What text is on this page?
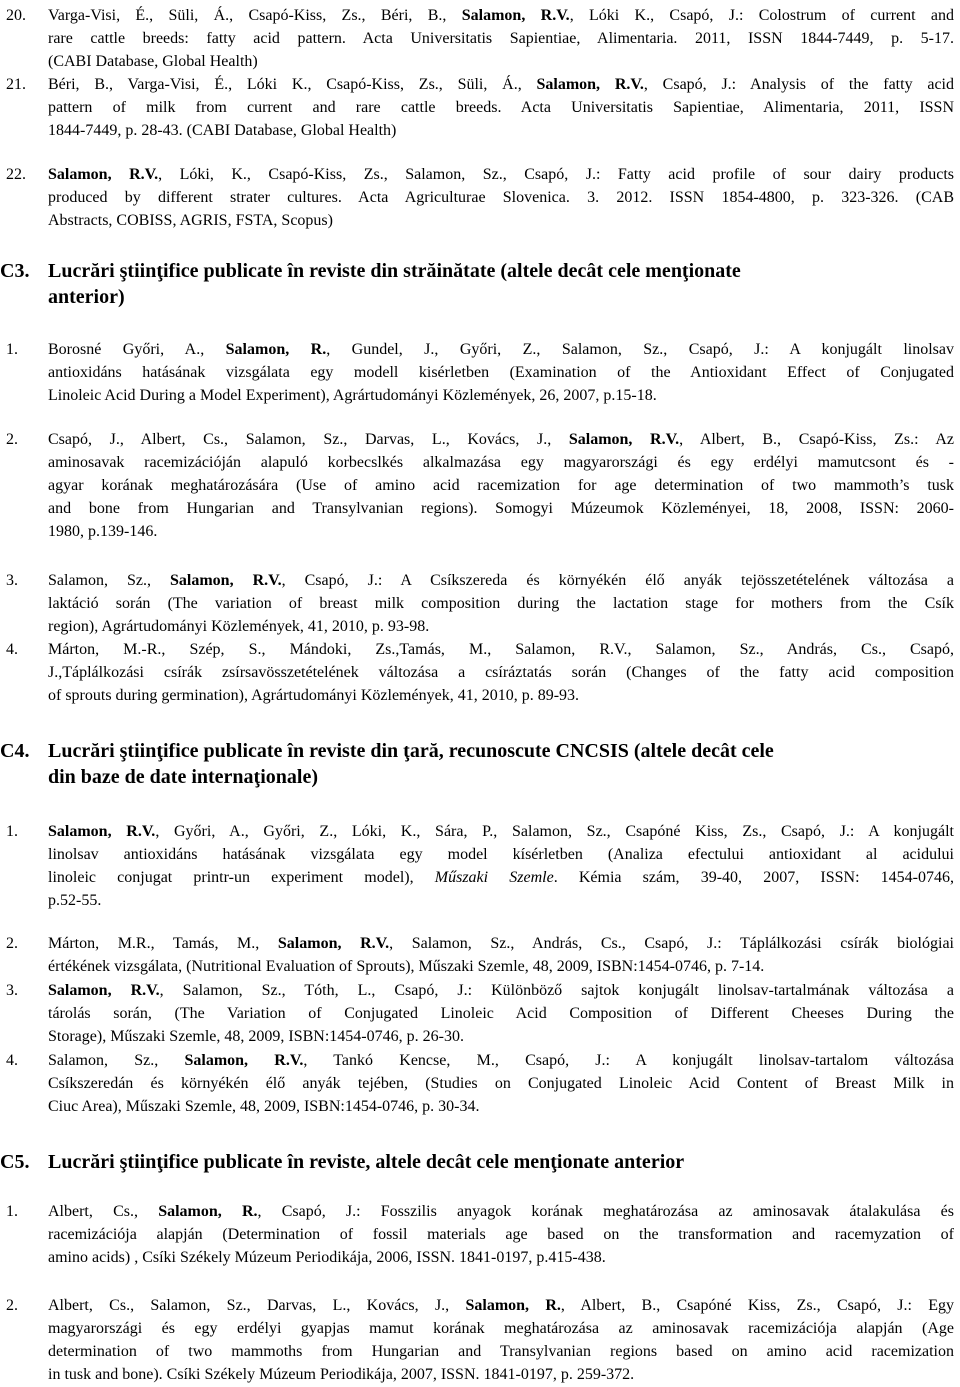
20. Varga-Visi, É., Süli, Á., Csapó-Kiss, Zs., Béri, B., Salamon, R.V., Lóki K., Csapó, J.: Colostrum of current and
rare cattle breeds: fatty acid pattern. Acta Universitatis Sapientiae, Alimentaria. 2011, ISSN 1844-7449, p. 5-17.
(CABI Database, Global Health)
21. Béri, B., Varga-Visi, É., Lóki K., Csapó-Kiss, Zs., Süli, Á., Salamon, R.V., Csapó, J.: Analysis of the fatty acid
pattern of milk from current and rare cattle breeds. Acta Universitatis Sapientiae, Alimentaria, 2011, ISSN
1844-7449, p. 28-43. (CABI Database, Global Health)
22. Salamon, R.V., Lóki, K., Csapó-Kiss, Zs., Salamon, Sz., Csapó, J.: Fatty acid profile of sour dairy products
produced by different strater cultures. Acta Agriculturae Slovenica. 3. 2012. ISSN 1854-4800, p. 323-326. (CAB
Abstracts, COBISS, AGRIS, FSTA, Scopus)
C3. Lucrări ştiinţifice publicate în reviste din străinătate (altele decât cele menţionate
anterior)
1. Borosné Győri, A., Salamon, R., Gundel, J., Győri, Z., Salamon, Sz., Csapó, J.: A konjugált linolsav
antioxidáns hatásának vizsgálata egy modell kisérletben (Examination of the Antioxidant Effect of Conjugated
Linoleic Acid During a Model Experiment), Agrártudományi Közlemények, 26, 2007, p.15-18.
2. Csapó, J., Albert, Cs., Salamon, Sz., Darvas, L., Kovács, J., Salamon, R.V., Albert, B., Csapó-Kiss, Zs.: Az
aminosavak racemizációján alapuló korbecslkés alkalmazása egy magyarországi és egy erdélyi mamutcsont és -
agyar korának meghatározására (Use of amino acid racemization for age determination of two mammoth’s tusk
and bone from Hungarian and Transylvanian regions). Somogyi Múzeumok Közleményei, 18, 2008, ISSN: 2060-
1980, p.139-146.
3. Salamon, Sz., Salamon, R.V., Csapó, J.: A Csíkszereda és környékén élő anyák tejösszetételének változása a
laktáció során (The variation of breast milk composition during the lactation stage for mothers from the Csík
region), Agrártudományi Közlemények, 41, 2010, p. 93-98.
4. Márton, M.-R., Szép, S., Mándoki, Zs.,Tamás, M., Salamon, R.V., Salamon, Sz., András, Cs., Csapó,
J.,Táplálkozási csírák zsírsavösszetételének változása a csíráztatás során (Changes of the fatty acid composition
of sprouts during germination), Agrártudományi Közlemények, 41, 2010, p. 89-93.
C4. Lucrări ştiinţifice publicate în reviste din ţară, recunoscute CNCSIS (altele decât cele
din baze de date internaţionale)
1. Salamon, R.V., Győri, A., Győri, Z., Lóki, K., Sára, P., Salamon, Sz., Csapóné Kiss, Zs., Csapó, J.: A konjugált
linolsav antioxidáns hatásának vizsgálata egy model kísérletben (Analiza efectului antioxidant al acidului
linoleic conjugat printr-un experiment model), Műszaki Szemle. Kémia szám, 39-40, 2007, ISSN: 1454-0746,
p.52-55.
2. Márton, M.R., Tamás, M., Salamon, R.V., Salamon, Sz., András, Cs., Csapó, J.: Táplálkozási csírák biológiai
értékének vizsgálata, (Nutritional Evaluation of Sprouts), Műszaki Szemle, 48, 2009, ISBN:1454-0746, p. 7-14.
3. Salamon, R.V., Salamon, Sz., Tóth, L., Csapó, J.: Különböző sajtok konjugált linolsav-tartalmának változása a
tárolás során, (The Variation of Conjugated Linoleic Acid Composition of Different Cheeses During the
Storage), Műszaki Szemle, 48, 2009, ISBN:1454-0746, p. 26-30.
4. Salamon, Sz., Salamon, R.V., Tankó Kencse, M., Csapó, J.: A konjugált linolsav-tartalom változása
Csíkszeredán és környékén élő anyák tejében, (Studies on Conjugated Linoleic Acid Content of Breast Milk in
Ciuc Area), Műszaki Szemle, 48, 2009, ISBN:1454-0746, p. 30-34.
C5. Lucrări ştiinţifice publicate în reviste, altele decât cele menţionate anterior
1. Albert, Cs., Salamon, R., Csapó, J.: Fosszilis anyagok korának meghatározása az aminosavak átalakulása és
racemizációja alapján (Determination of fossil materials age based on the transformation and racemyzation of
amino acids) , Csíki Székely Múzeum Periodikája, 2006, ISSN. 1841-0197, p.415-438.
2. Albert, Cs., Salamon, Sz., Darvas, L., Kovács, J., Salamon, R., Albert, B., Csapóné Kiss, Zs., Csapó, J.: Egy
magyarországi és egy erdélyi gyapjas mamut korának meghatározása az aminosavak racemizációja alapján (Age
determination of two mammoths from Hungarian and Transylvanian regions based on amino acid racemization
in tusk and bone). Csíki Székely Múzeum Periodikája, 2007, ISSN. 1841-0197, p. 259-372.
